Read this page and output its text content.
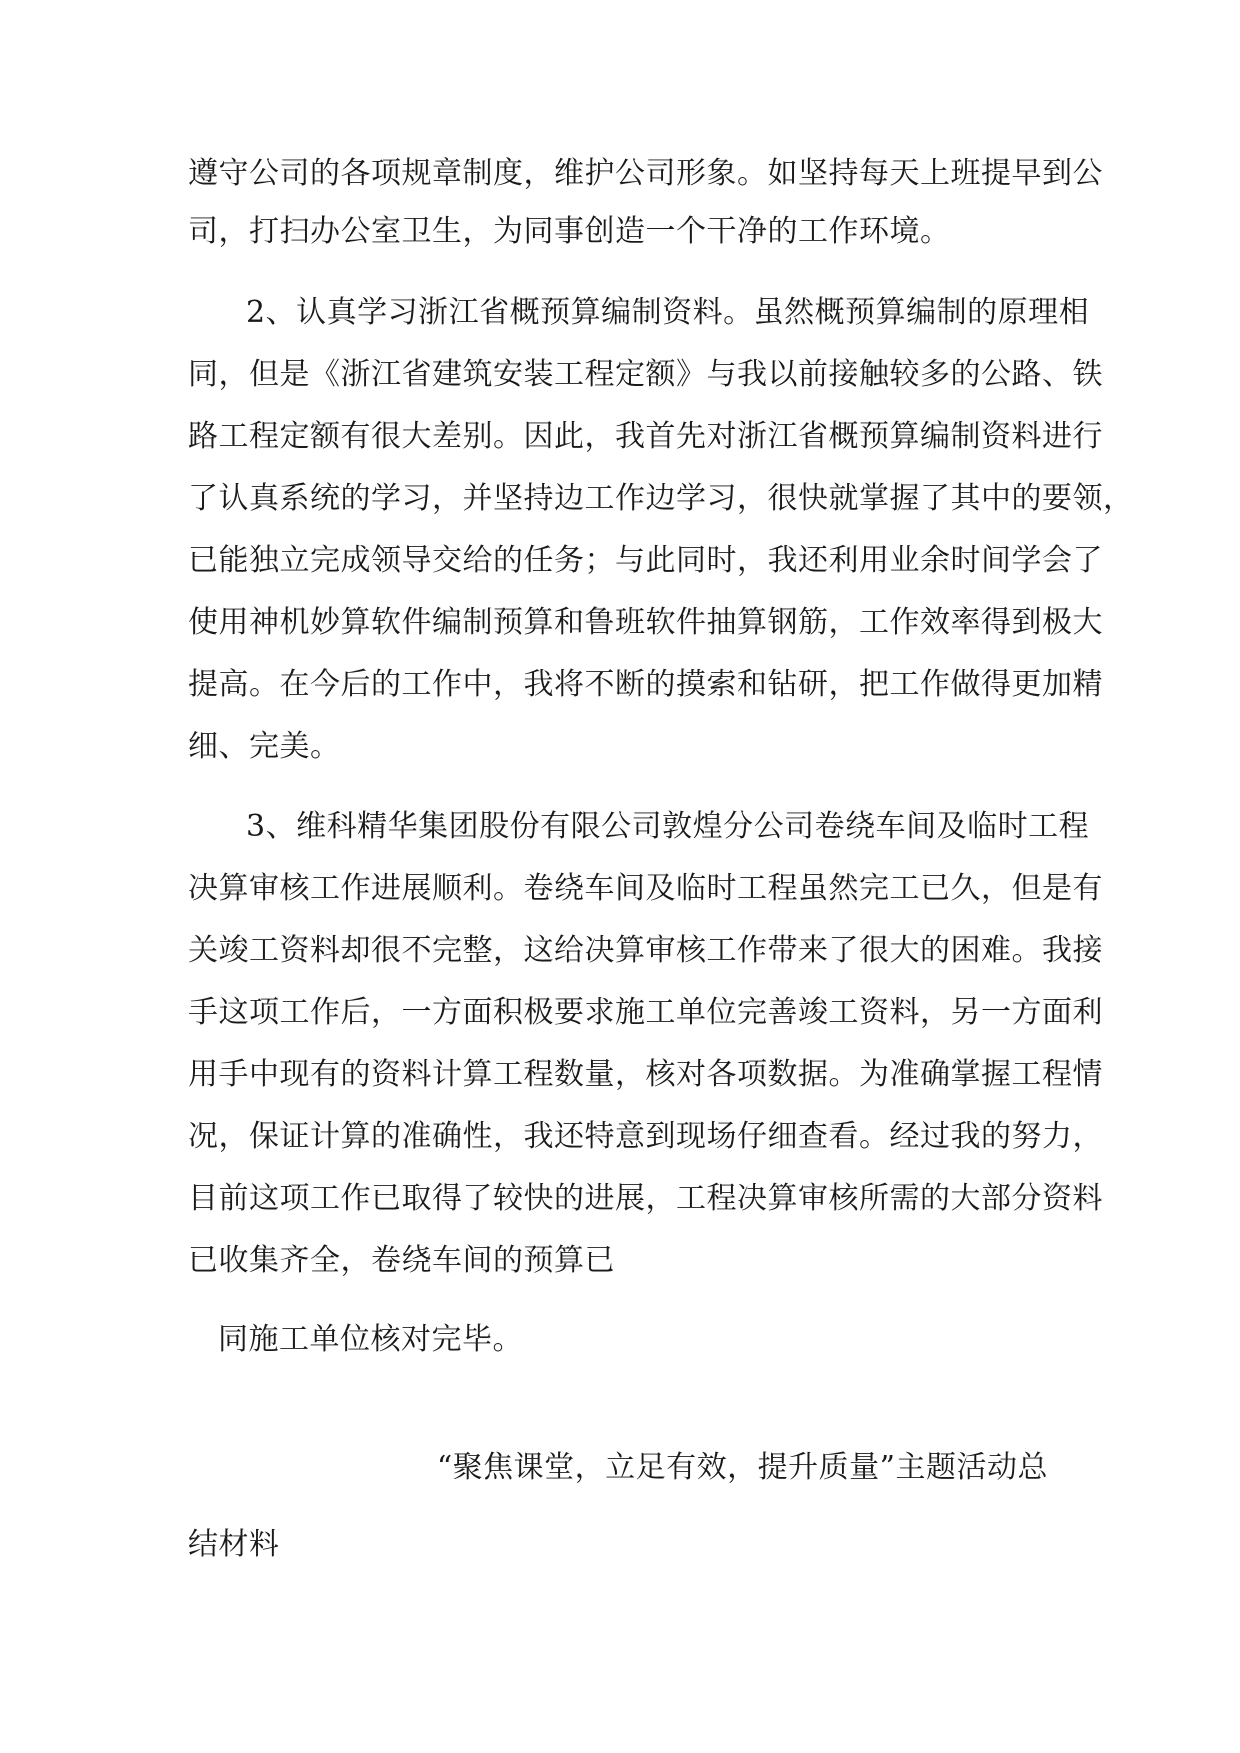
遵守公司的各项规章制度，维护公司形象。如坚持每天上班提早到公
司，打扫办公室卫生，为同事创造一个干净的工作环境。
2、认真学习浙江省概预算编制资料。虽然概预算编制的原理相
同，但是《浙江省建筑安装工程定额》与我以前接触较多的公路、铁
路工程定额有很大差别。因此，我首先对浙江省概预算编制资料进行
了认真系统的学习，并坚持边工作边学习，很快就掌握了其中的要领，
已能独立完成领导交给的任务；与此同时，我还利用业余时间学会了
使用神机妙算软件编制预算和鲁班软件抽算钢筋，工作效率得到极大
提高。在今后的工作中，我将不断的摸索和钻研，把工作做得更加精
细、完美。
3、维科精华集团股份有限公司敦煌分公司卷绕车间及临时工程
决算审核工作进展顺利。卷绕车间及临时工程虽然完工已久，但是有
关竣工资料却很不完整，这给决算审核工作带来了很大的困难。我接
手这项工作后，一方面积极要求施工单位完善竣工资料，另一方面利
用手中现有的资料计算工程数量，核对各项数据。为准确掌握工程情
况，保证计算的准确性，我还特意到现场仔细查看。经过我的努力，
目前这项工作已取得了较快的进展，工程决算审核所需的大部分资料
已收集齐全，卷绕车间的预算已
同施工单位核对完毕。
“聚焦课堂，立足有效，提升质量”主题活动总
结材料
